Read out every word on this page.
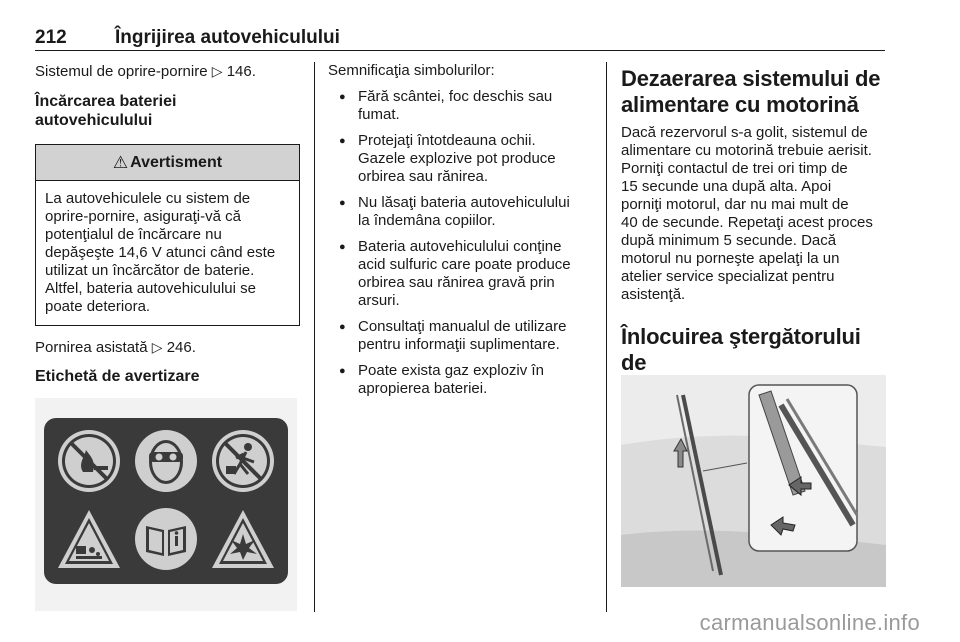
212	Îngrijirea autovehiculului

Sistemul de oprire-pornire ▷ 146.

Încărcarea bateriei
autovehiculului
⚠ Avertisment

La autovehiculele cu sistem de
oprire-pornire, asiguraţi-vă că
potenţialul de încărcare nu
depăşeşte 14,6 V atunci când este
utilizat un încărcător de baterie.
Altfel, bateria autovehiculului se
poate deteriora.

Pornirea asistată ▷ 246.

Etichetă de avertizare

Semnificaţia simbolurilor:

● Fără scântei, foc deschis sau
fumat.
● Protejaţi întotdeauna ochii.
Gazele explozive pot produce
orbirea sau rănirea.
● Nu lăsaţi bateria autovehiculului
la îndemâna copiilor.
● Bateria autovehiculului conţine
acid sulfuric care poate produce
orbirea sau rănirea gravă prin
arsuri.
● Consultaţi manualul de utilizare
pentru informaţii suplimentare.
● Poate exista gaz exploziv în
apropierea bateriei.
Dezaerarea sistemului de
alimentare cu motorină

Dacă rezervorul s-a golit, sistemul de
alimentare cu motorină trebuie aerisit.
Porniţi contactul de trei ori timp de
15 secunde una după alta. Apoi
porniţi motorul, dar nu mai mult de
40 de secunde. Repetaţi acest proces
după minimum 5 secunde. Dacă
motorul nu porneşte apelaţi la un
atelier service specializat pentru
asistenţă.

Înlocuirea ştergătorului de

carmanualsonline.info
